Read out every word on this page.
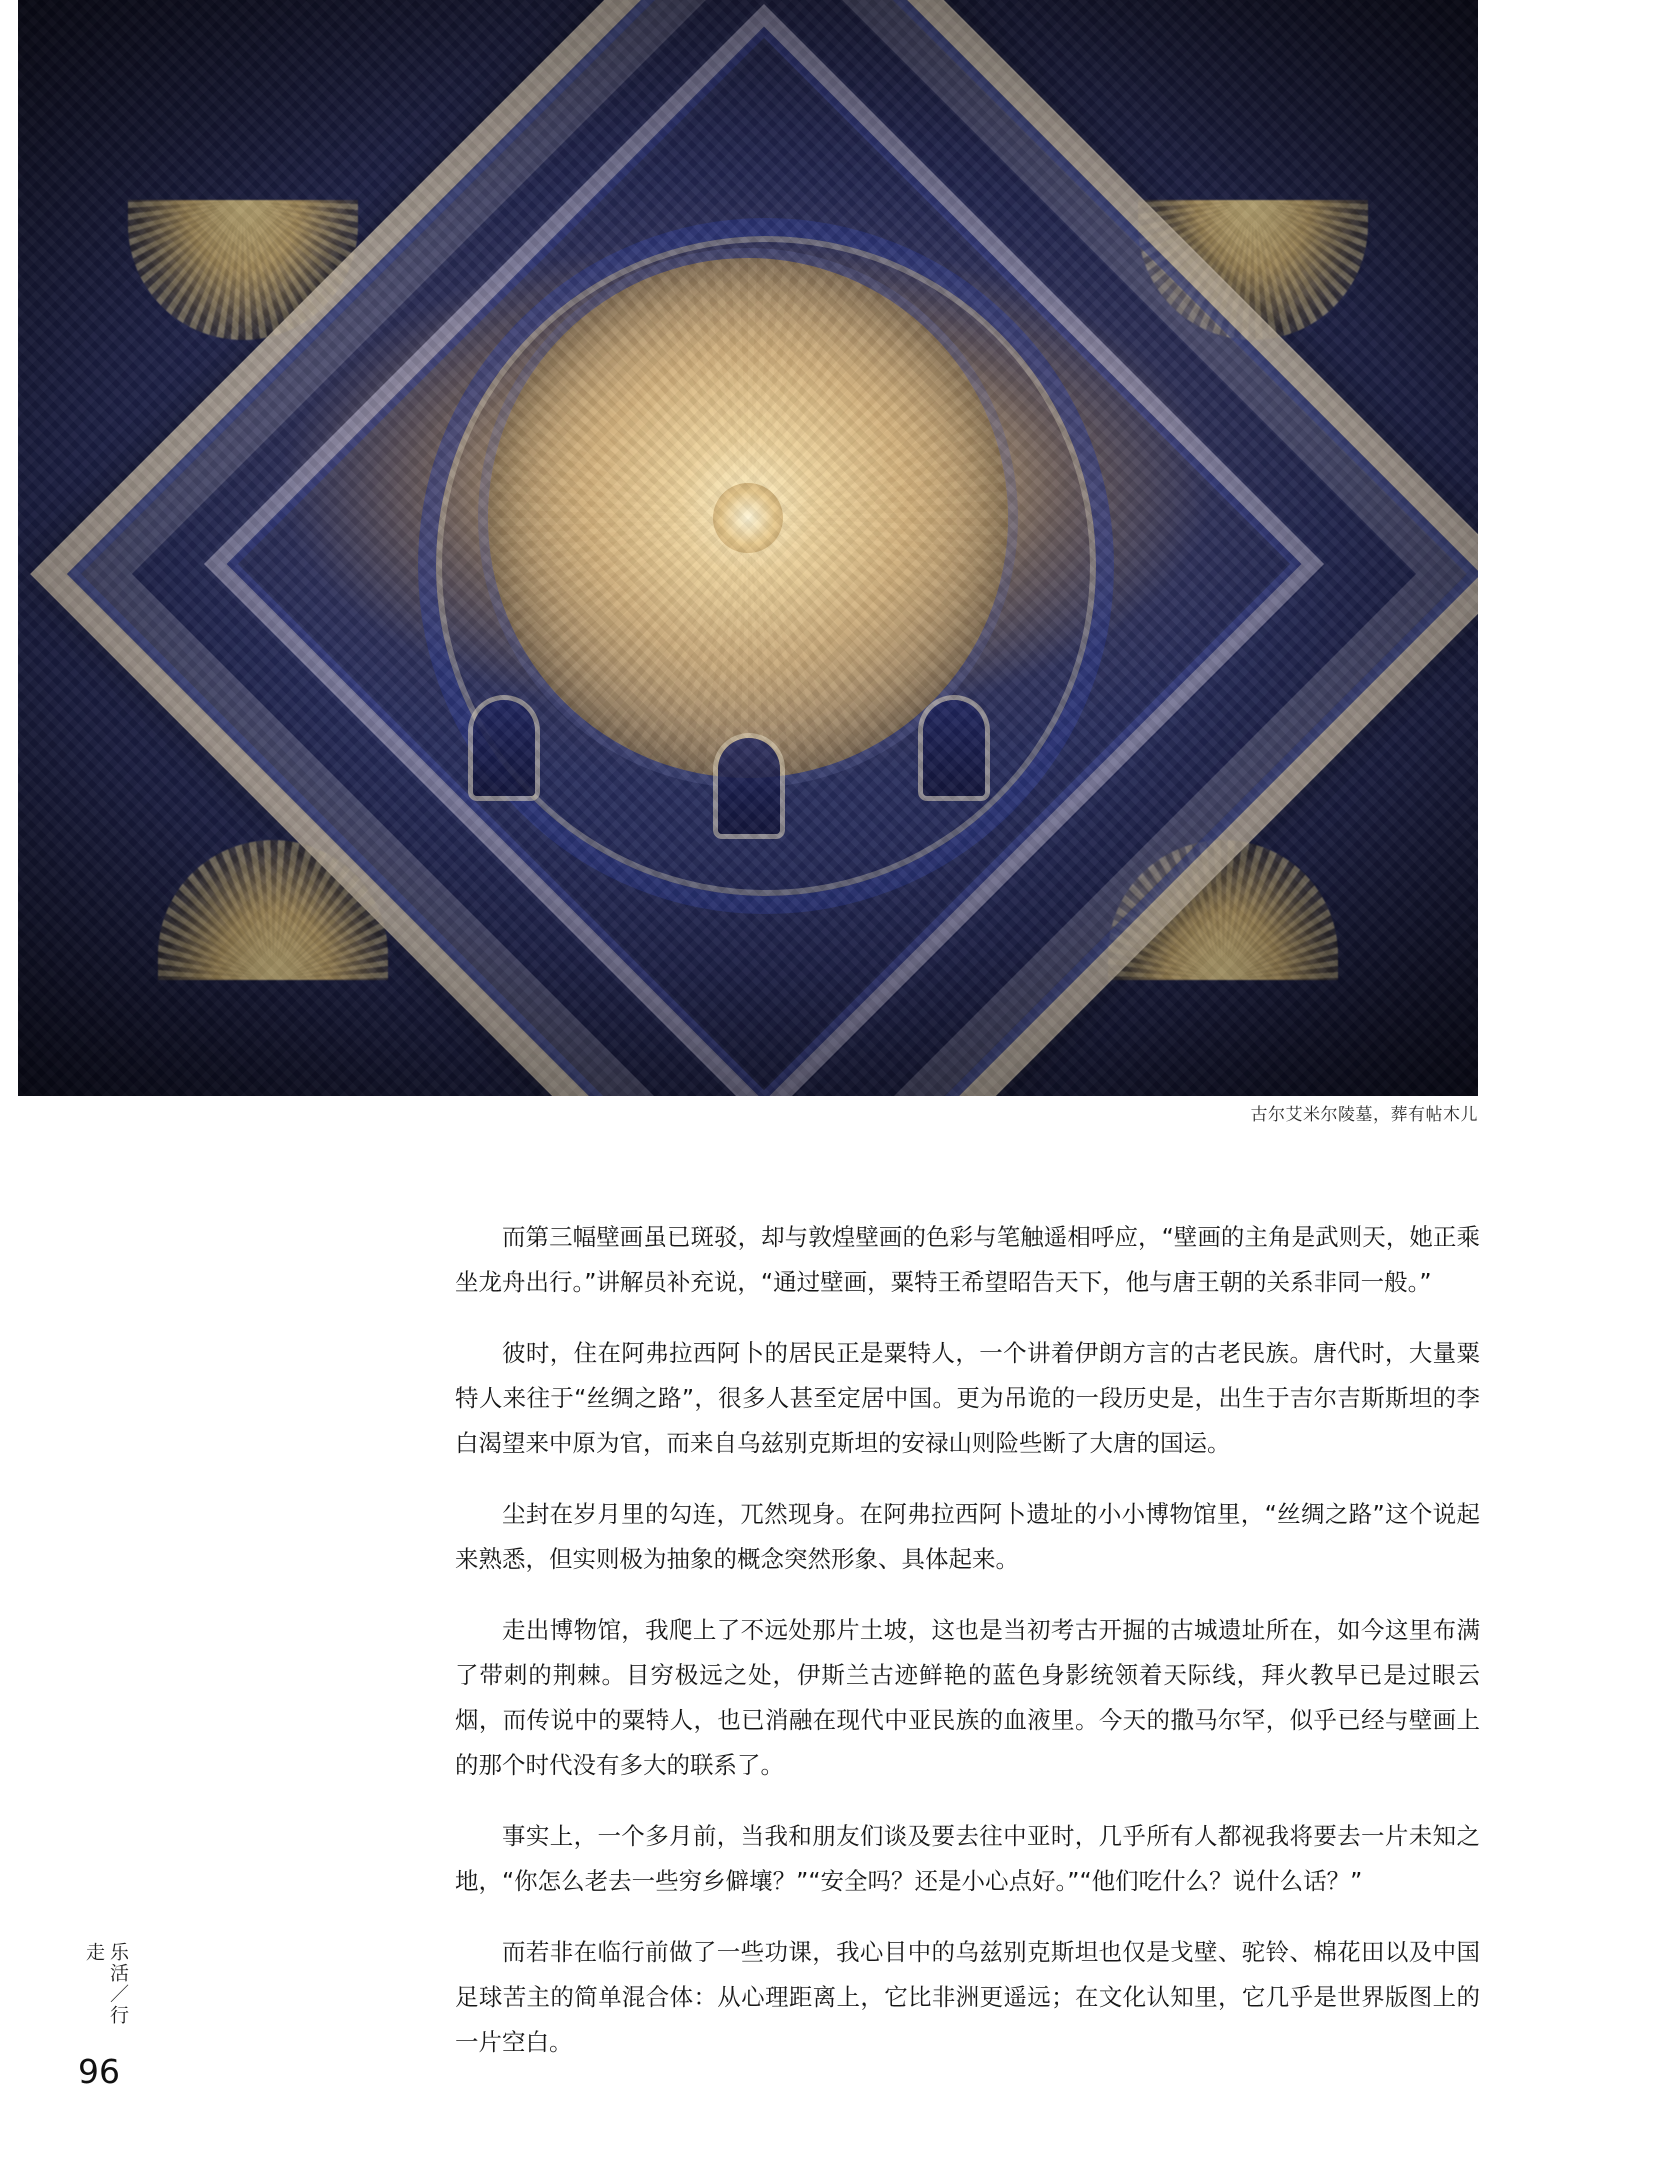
古尔艾米尔陵墓，葬有帖木儿

而第三幅壁画虽已斑驳，却与敦煌壁画的色彩与笔触遥相呼应，“壁画的主角是武则天，她正乘坐龙舟出行。”讲解员补充说，“通过壁画，粟特王希望昭告天下，他与唐王朝的关系非同一般。”

彼时，住在阿弗拉西阿卜的居民正是粟特人，一个讲着伊朗方言的古老民族。唐代时，大量粟特人来往于“丝绸之路”，很多人甚至定居中国。更为吊诡的一段历史是，出生于吉尔吉斯斯坦的李白渴望来中原为官，而来自乌兹别克斯坦的安禄山则险些断了大唐的国运。

尘封在岁月里的勾连，兀然现身。在阿弗拉西阿卜遗址的小小博物馆里，“丝绸之路”这个说起来熟悉，但实则极为抽象的概念突然形象、具体起来。

走出博物馆，我爬上了不远处那片土坡，这也是当初考古开掘的古城遗址所在，如今这里布满了带刺的荆棘。目穷极远之处，伊斯兰古迹鲜艳的蓝色身影统领着天际线，拜火教早已是过眼云烟，而传说中的粟特人，也已消融在现代中亚民族的血液里。今天的撒马尔罕，似乎已经与壁画上的那个时代没有多大的联系了。

事实上，一个多月前，当我和朋友们谈及要去往中亚时，几乎所有人都视我将要去一片未知之地，“你怎么老去一些穷乡僻壤？”“安全吗？还是小心点好。”“他们吃什么？说什么话？”

而若非在临行前做了一些功课，我心目中的乌兹别克斯坦也仅是戈壁、驼铃、棉花田以及中国足球苦主的简单混合体：从心理距离上，它比非洲更遥远；在文化认知里，它几乎是世界版图上的一片空白。

乐活／行走
96
